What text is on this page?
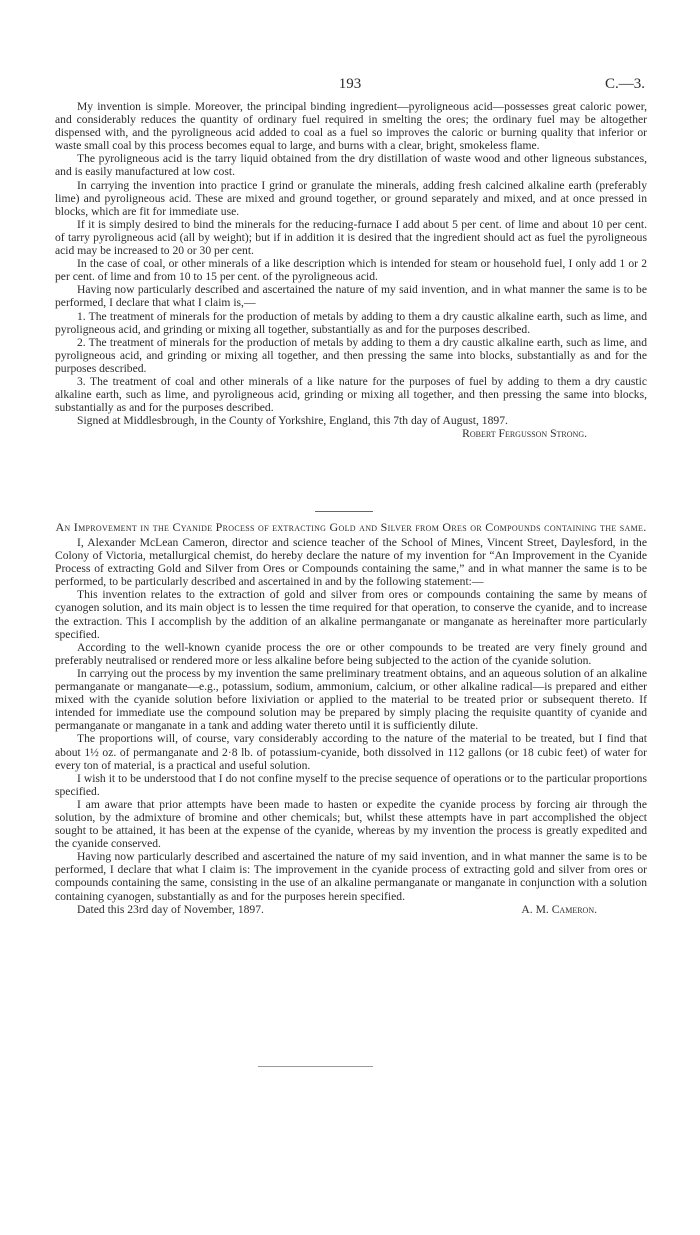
193	C.—3.

My invention is simple. Moreover, the principal binding ingredient—pyroligneous acid—possesses great caloric power, and considerably reduces the quantity of ordinary fuel required in smelting the ores; the ordinary fuel may be altogether dispensed with, and the pyroligneous acid added to coal as a fuel so improves the caloric or burning quality that inferior or waste small coal by this process becomes equal to large, and burns with a clear, bright, smokeless flame.

The pyroligneous acid is the tarry liquid obtained from the dry distillation of waste wood and other ligneous substances, and is easily manufactured at low cost.

In carrying the invention into practice I grind or granulate the minerals, adding fresh calcined alkaline earth (preferably lime) and pyroligneous acid. These are mixed and ground together, or ground separately and mixed, and at once pressed in blocks, which are fit for immediate use.

If it is simply desired to bind the minerals for the reducing-furnace I add about 5 per cent. of lime and about 10 per cent. of tarry pyroligneous acid (all by weight); but if in addition it is desired that the ingredient should act as fuel the pyroligneous acid may be increased to 20 or 30 per cent.

In the case of coal, or other minerals of a like description which is intended for steam or household fuel, I only add 1 or 2 per cent. of lime and from 10 to 15 per cent. of the pyroligneous acid.

Having now particularly described and ascertained the nature of my said invention, and in what manner the same is to be performed, I declare that what I claim is,—

1. The treatment of minerals for the production of metals by adding to them a dry caustic alkaline earth, such as lime, and pyroligneous acid, and grinding or mixing all together, substantially as and for the purposes described.

2. The treatment of minerals for the production of metals by adding to them a dry caustic alkaline earth, such as lime, and pyroligneous acid, and grinding or mixing all together, and then pressing the same into blocks, substantially as and for the purposes described.

3. The treatment of coal and other minerals of a like nature for the purposes of fuel by adding to them a dry caustic alkaline earth, such as lime, and pyroligneous acid, grinding or mixing all together, and then pressing the same into blocks, substantially as and for the purposes described.

Signed at Middlesbrough, in the County of Yorkshire, England, this 7th day of August, 1897.

Robert Fergusson Strong.

An Improvement in the Cyanide Process of extracting Gold and Silver from Ores or Compounds containing the same.

I, Alexander McLean Cameron, director and science teacher of the School of Mines, Vincent Street, Daylesford, in the Colony of Victoria, metallurgical chemist, do hereby declare the nature of my invention for “An Improvement in the Cyanide Process of extracting Gold and Silver from Ores or Compounds containing the same,” and in what manner the same is to be performed, to be particularly described and ascertained in and by the following statement:—

This invention relates to the extraction of gold and silver from ores or compounds containing the same by means of cyanogen solution, and its main object is to lessen the time required for that operation, to conserve the cyanide, and to increase the extraction. This I accomplish by the addition of an alkaline permanganate or manganate as hereinafter more particularly specified.

According to the well-known cyanide process the ore or other compounds to be treated are very finely ground and preferably neutralised or rendered more or less alkaline before being subjected to the action of the cyanide solution.

In carrying out the process by my invention the same preliminary treatment obtains, and an aqueous solution of an alkaline permanganate or manganate—e.g., potassium, sodium, ammonium, calcium, or other alkaline radical—is prepared and either mixed with the cyanide solution before lixiviation or applied to the material to be treated prior or subsequent thereto. If intended for immediate use the compound solution may be prepared by simply placing the requisite quantity of cyanide and permanganate or manganate in a tank and adding water thereto until it is sufficiently dilute.

The proportions will, of course, vary considerably according to the nature of the material to be treated, but I find that about 1½ oz. of permanganate and 2·8 lb. of potassium-cyanide, both dissolved in 112 gallons (or 18 cubic feet) of water for every ton of material, is a practical and useful solution.

I wish it to be understood that I do not confine myself to the precise sequence of operations or to the particular proportions specified.

I am aware that prior attempts have been made to hasten or expedite the cyanide process by forcing air through the solution, by the admixture of bromine and other chemicals; but, whilst these attempts have in part accomplished the object sought to be attained, it has been at the expense of the cyanide, whereas by my invention the process is greatly expedited and the cyanide conserved.

Having now particularly described and ascertained the nature of my said invention, and in what manner the same is to be performed, I declare that what I claim is: The improvement in the cyanide process of extracting gold and silver from ores or compounds containing the same, consisting in the use of an alkaline permanganate or manganate in conjunction with a solution containing cyanogen, substantially as and for the purposes herein specified.

Dated this 23rd day of November, 1897.	A. M. Cameron.
